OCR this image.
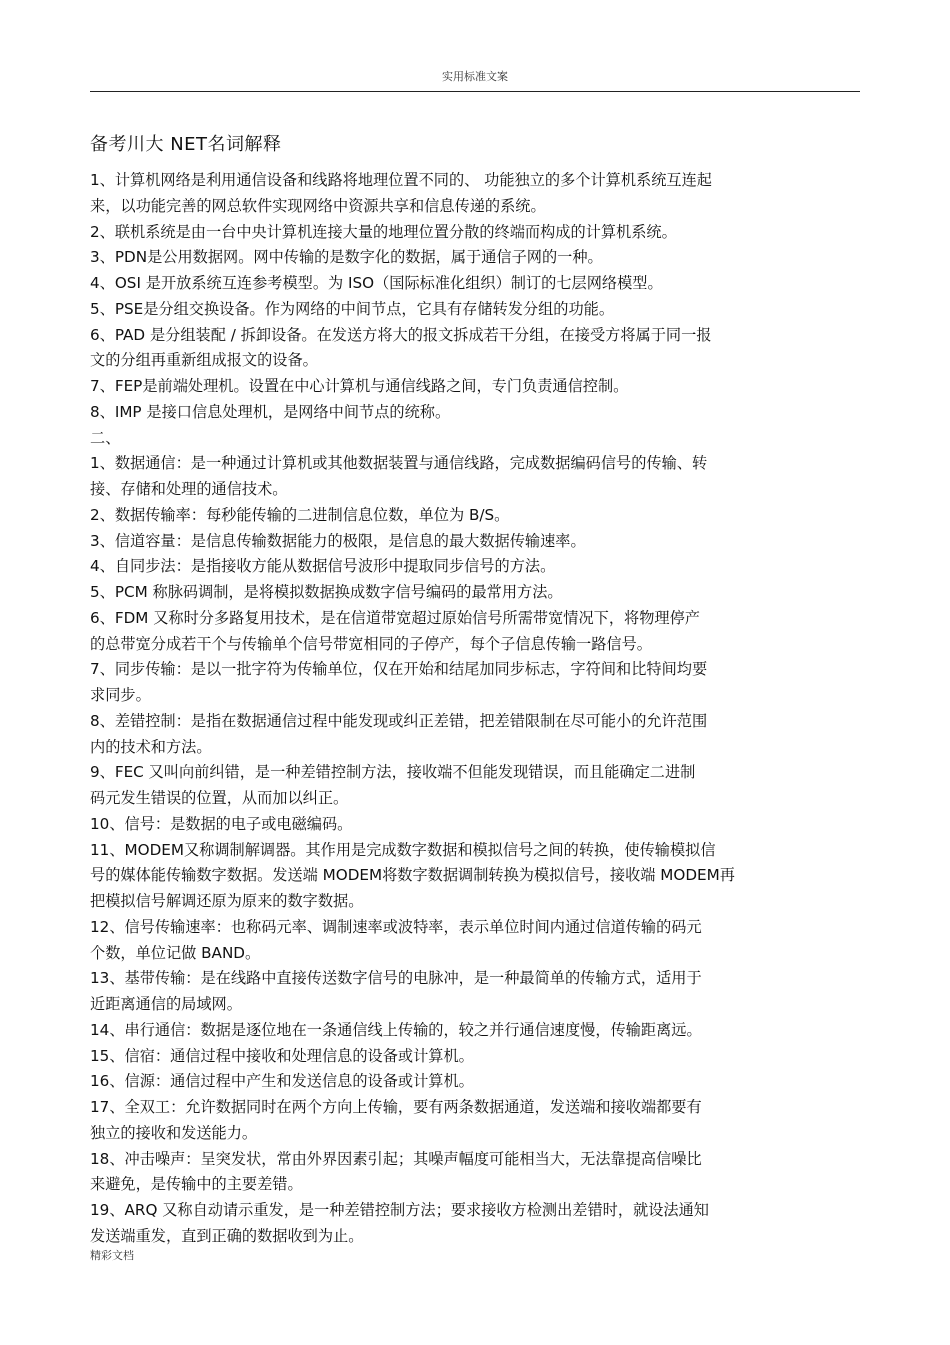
实用标准文案
备考川大 NET名词解释
1、计算机网络是利用通信设备和线路将地理位置不同的、 功能独立的多个计算机系统互连起
来，以功能完善的网总软件实现网络中资源共享和信息传递的系统。
2、联机系统是由一台中央计算机连接大量的地理位置分散的终端而构成的计算机系统。
3、PDN是公用数据网。网中传输的是数字化的数据，属于通信子网的一种。
4、OSI 是开放系统互连参考模型。为 ISO（国际标准化组织）制订的七层网络模型。
5、PSE是分组交换设备。作为网络的中间节点，它具有存储转发分组的功能。
6、PAD 是分组装配 / 拆卸设备。在发送方将大的报文拆成若干分组，在接受方将属于同一报
文的分组再重新组成报文的设备。
7、FEP是前端处理机。设置在中心计算机与通信线路之间，专门负责通信控制。
8、IMP 是接口信息处理机，是网络中间节点的统称。
二、
1、数据通信：是一种通过计算机或其他数据装置与通信线路，完成数据编码信号的传输、转
接、存储和处理的通信技术。
2、数据传输率：每秒能传输的二进制信息位数，单位为 B/S。
3、信道容量：是信息传输数据能力的极限，是信息的最大数据传输速率。
4、自同步法：是指接收方能从数据信号波形中提取同步信号的方法。
5、PCM 称脉码调制，是将模拟数据换成数字信号编码的最常用方法。
6、FDM 又称时分多路复用技术，是在信道带宽超过原始信号所需带宽情况下，将物理停产
的总带宽分成若干个与传输单个信号带宽相同的子停产，每个子信息传输一路信号。
7、同步传输：是以一批字符为传输单位，仅在开始和结尾加同步标志，字符间和比特间均要
求同步。
8、差错控制：是指在数据通信过程中能发现或纠正差错，把差错限制在尽可能小的允许范围
内的技术和方法。
9、FEC 又叫向前纠错，是一种差错控制方法，接收端不但能发现错误，而且能确定二进制
码元发生错误的位置，从而加以纠正。
10、信号：是数据的电子或电磁编码。
11、MODEM又称调制解调器。其作用是完成数字数据和模拟信号之间的转换，使传输模拟信
号的媒体能传输数字数据。发送端 MODEM将数字数据调制转换为模拟信号，接收端 MODEM再
把模拟信号解调还原为原来的数字数据。
12、信号传输速率：也称码元率、调制速率或波特率，表示单位时间内通过信道传输的码元
个数，单位记做 BAND。
13、基带传输：是在线路中直接传送数字信号的电脉冲，是一种最简单的传输方式，适用于
近距离通信的局域网。
14、串行通信：数据是逐位地在一条通信线上传输的，较之并行通信速度慢，传输距离远。
15、信宿：通信过程中接收和处理信息的设备或计算机。
16、信源：通信过程中产生和发送信息的设备或计算机。
17、全双工：允许数据同时在两个方向上传输，要有两条数据通道，发送端和接收端都要有
独立的接收和发送能力。
18、冲击噪声：呈突发状，常由外界因素引起；其噪声幅度可能相当大，无法靠提高信噪比
来避免，是传输中的主要差错。
19、ARQ 又称自动请示重发，是一种差错控制方法；要求接收方检测出差错时，就设法通知
发送端重发，直到正确的数据收到为止。
精彩文档
